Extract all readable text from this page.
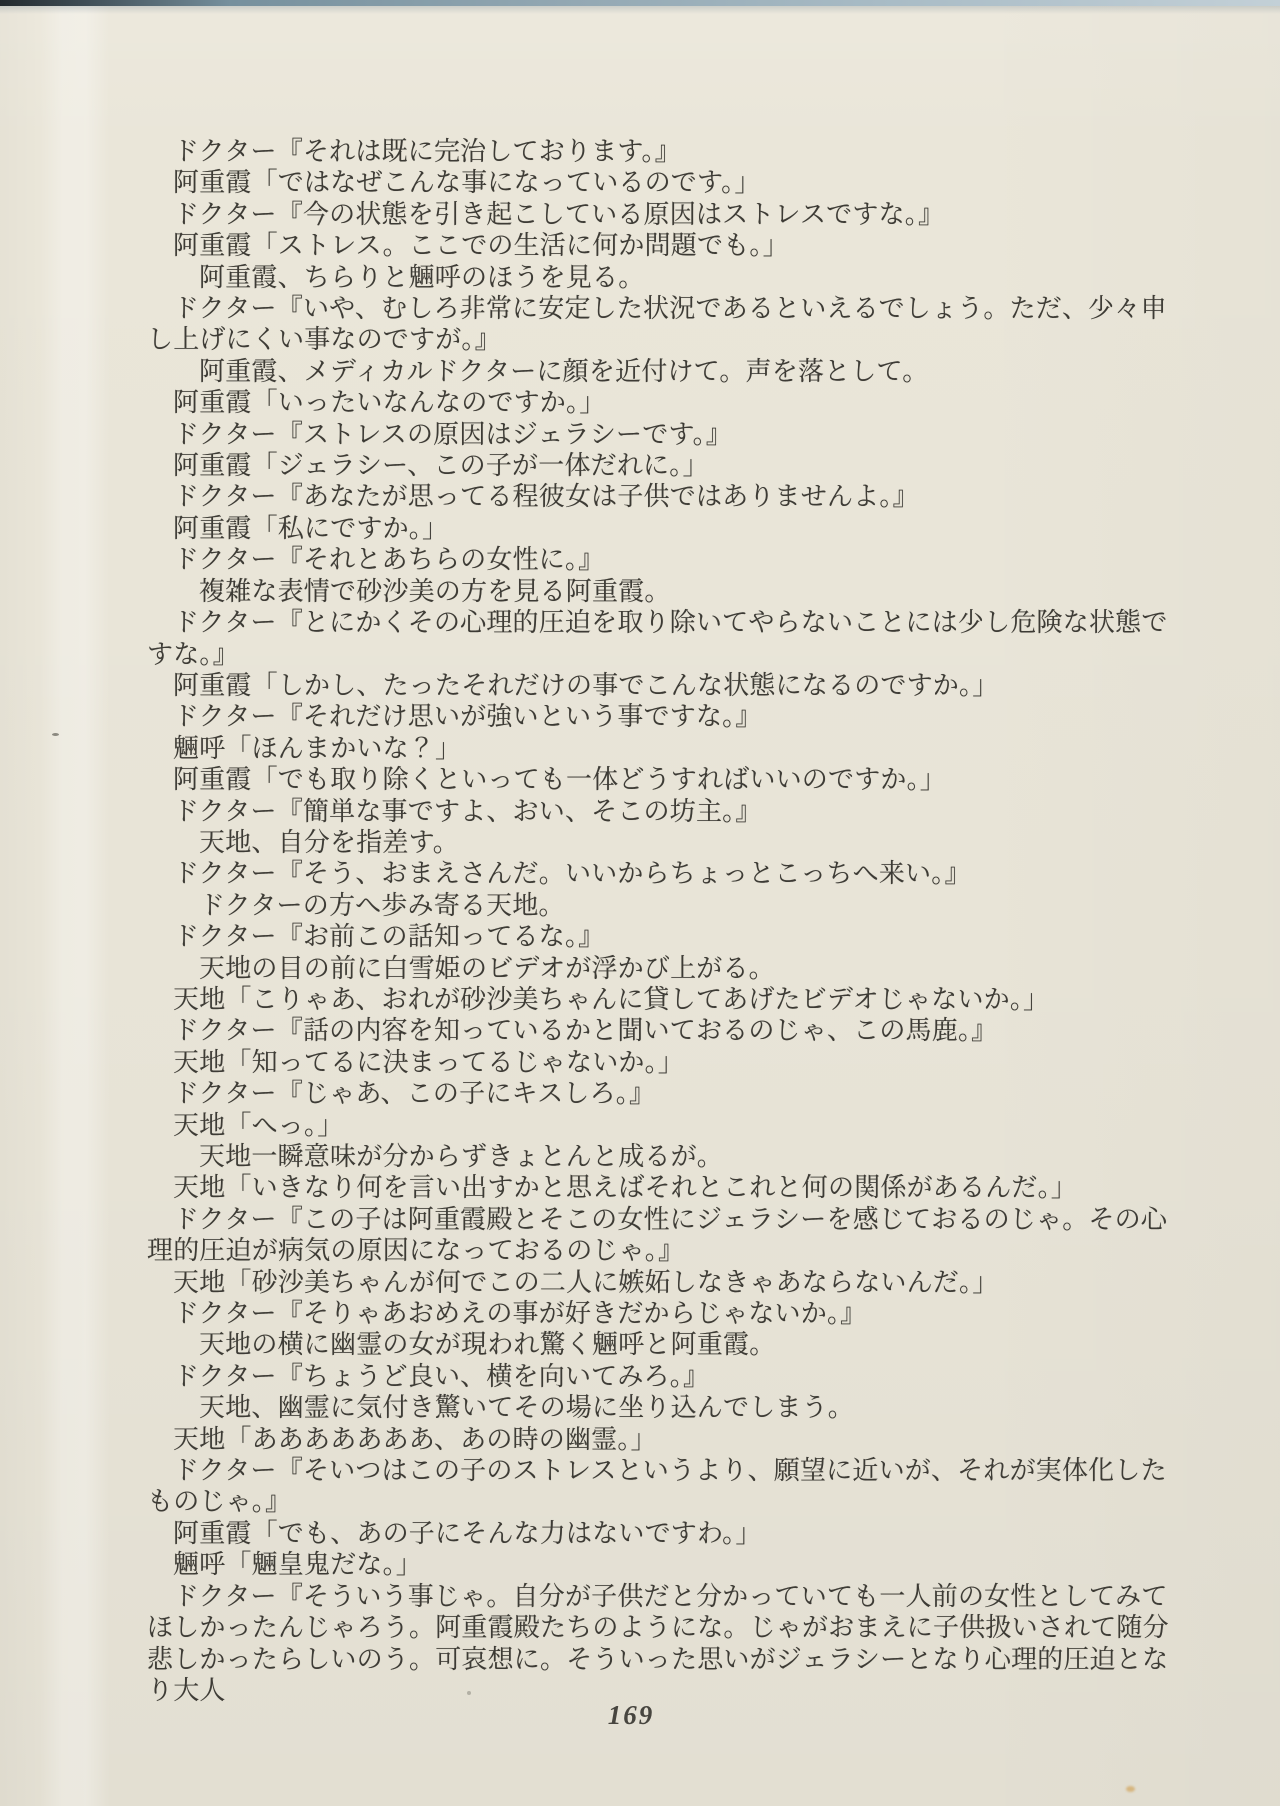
ドクター『それは既に完治しております。』

阿重霞「ではなぜこんな事になっているのです。」

ドクター『今の状態を引き起こしている原因はストレスですな。』

阿重霞「ストレス。ここでの生活に何か問題でも。」

阿重霞、ちらりと魎呼のほうを見る。

ドクター『いや、むしろ非常に安定した状況であるといえるでしょう。ただ、少々申し上げにくい事なのですが。』

阿重霞、メディカルドクターに顔を近付けて。声を落として。

阿重霞「いったいなんなのですか。」

ドクター『ストレスの原因はジェラシーです。』

阿重霞「ジェラシー、この子が一体だれに。」

ドクター『あなたが思ってる程彼女は子供ではありませんよ。』

阿重霞「私にですか。」

ドクター『それとあちらの女性に。』

複雑な表情で砂沙美の方を見る阿重霞。

ドクター『とにかくその心理的圧迫を取り除いてやらないことには少し危険な状態ですな。』

阿重霞「しかし、たったそれだけの事でこんな状態になるのですか。」

ドクター『それだけ思いが強いという事ですな。』

魎呼「ほんまかいな？」

阿重霞「でも取り除くといっても一体どうすればいいのですか。」

ドクター『簡単な事ですよ、おい、そこの坊主。』

天地、自分を指差す。

ドクター『そう、おまえさんだ。いいからちょっとこっちへ来い。』

ドクターの方へ歩み寄る天地。

ドクター『お前この話知ってるな。』

天地の目の前に白雪姫のビデオが浮かび上がる。

天地「こりゃあ、おれが砂沙美ちゃんに貸してあげたビデオじゃないか。」

ドクター『話の内容を知っているかと聞いておるのじゃ、この馬鹿。』

天地「知ってるに決まってるじゃないか。」

ドクター『じゃあ、この子にキスしろ。』

天地「へっ。」

天地一瞬意味が分からずきょとんと成るが。

天地「いきなり何を言い出すかと思えばそれとこれと何の関係があるんだ。」

ドクター『この子は阿重霞殿とそこの女性にジェラシーを感じておるのじゃ。その心理的圧迫が病気の原因になっておるのじゃ。』

天地「砂沙美ちゃんが何でこの二人に嫉妬しなきゃあならないんだ。」

ドクター『そりゃあおめえの事が好きだからじゃないか。』

天地の横に幽霊の女が現われ驚く魎呼と阿重霞。

ドクター『ちょうど良い、横を向いてみろ。』

天地、幽霊に気付き驚いてその場に坐り込んでしまう。

天地「あああああああ、あの時の幽霊。」

ドクター『そいつはこの子のストレスというより、願望に近いが、それが実体化したものじゃ。』

阿重霞「でも、あの子にそんな力はないですわ。」

魎呼「魎皇鬼だな。」

ドクター『そういう事じゃ。自分が子供だと分かっていても一人前の女性としてみてほしかったんじゃろう。阿重霞殿たちのようにな。じゃがおまえに子供扱いされて随分悲しかったらしいのう。可哀想に。そういった思いがジェラシーとなり心理的圧迫となり大人

169
